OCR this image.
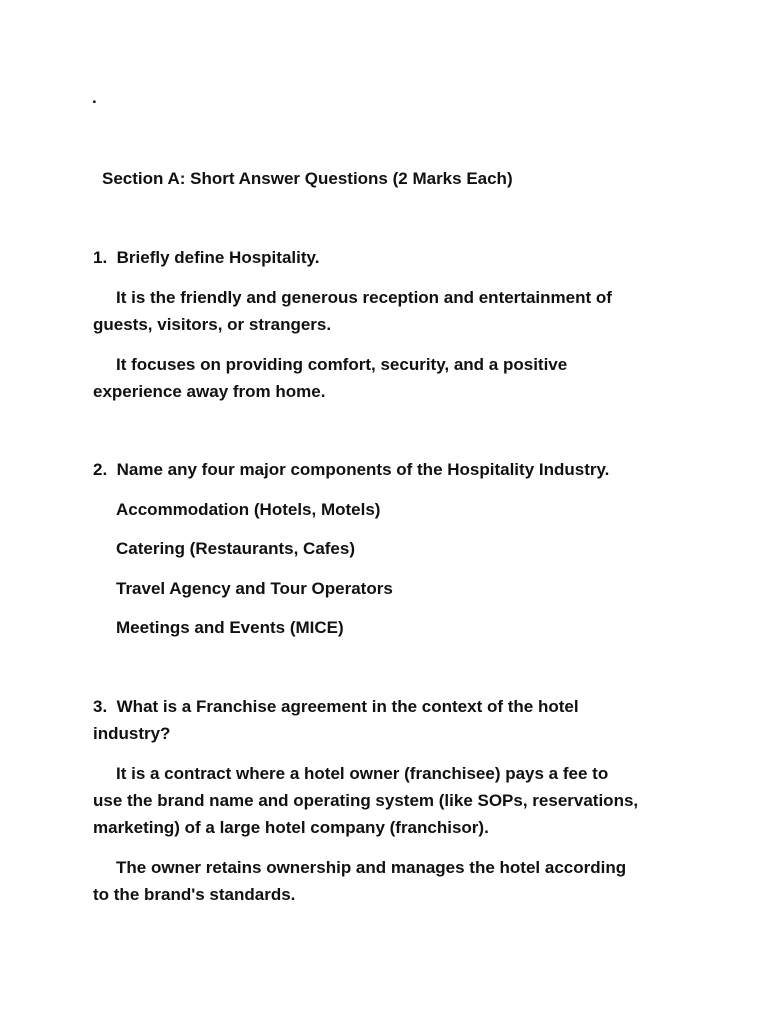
.

Section A: Short Answer Questions (2 Marks Each)

1. Briefly define Hospitality.

It is the friendly and generous reception and entertainment of

guests, visitors, or strangers.

It focuses on providing comfort, security, and a positive

experience away from home.

2. Name any four major components of the Hospitality Industry.

Accommodation (Hotels, Motels)

Catering (Restaurants, Cafes)

Travel Agency and Tour Operators

Meetings and Events (MICE)

3. What is a Franchise agreement in the context of the hotel

industry?

It is a contract where a hotel owner (franchisee) pays a fee to

use the brand name and operating system (like SOPs, reservations,

marketing) of a large hotel company (franchisor).

The owner retains ownership and manages the hotel according

to the brand's standards.
